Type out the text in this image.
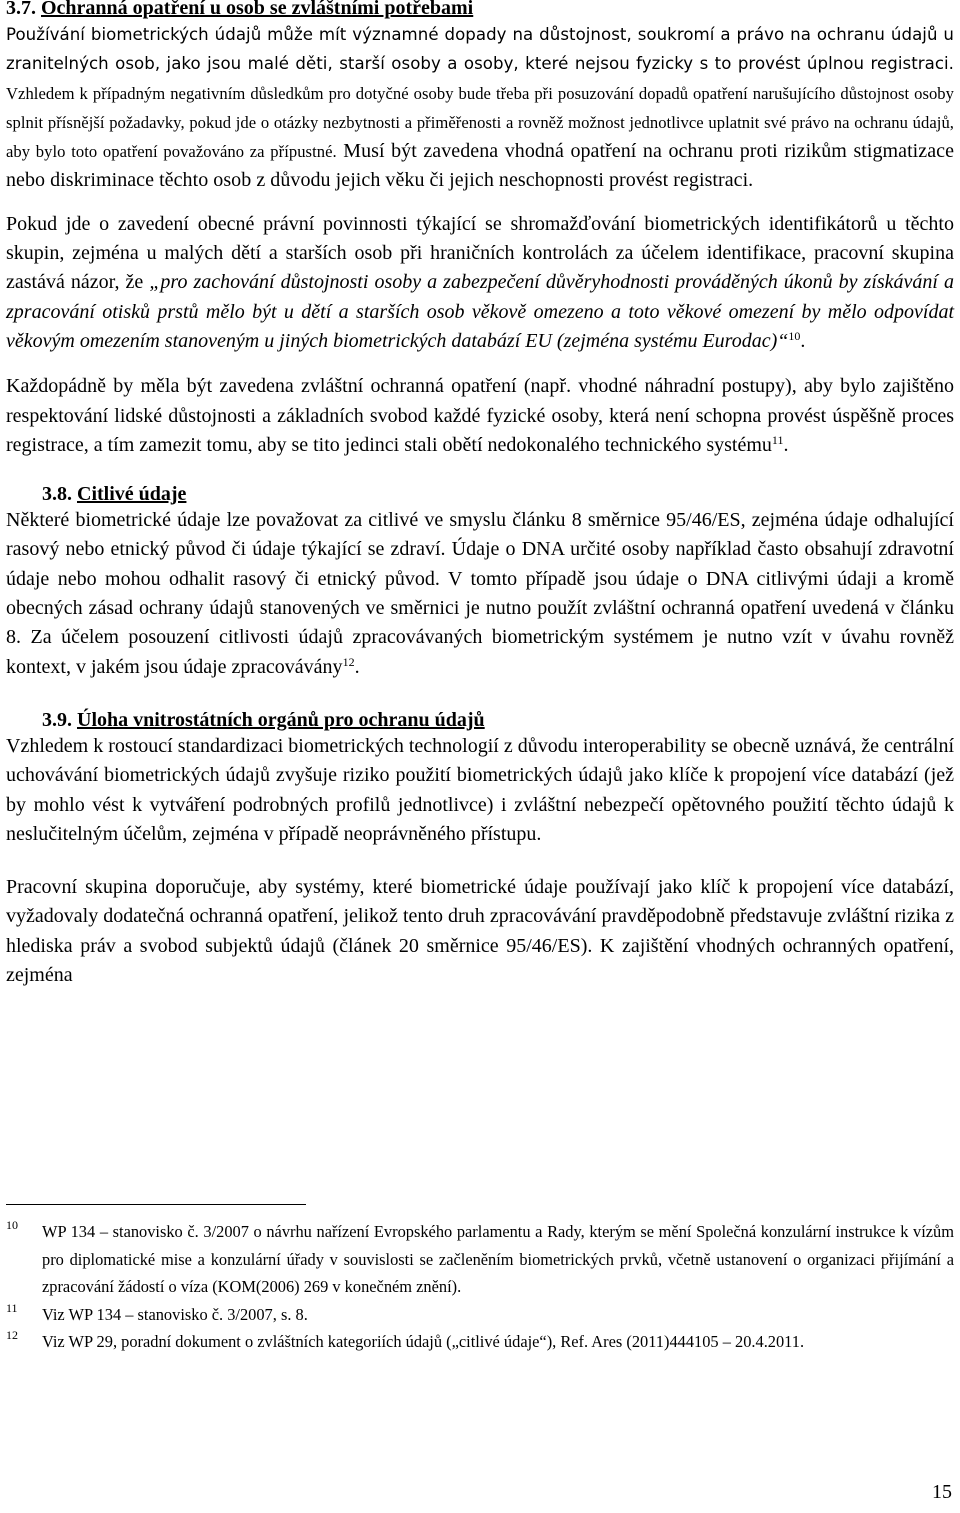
3.7. Ochranná opatření u osob se zvláštními potřebami

Používání biometrických údajů může mít významné dopady na důstojnost, soukromí a právo na ochranu údajů u zranitelných osob, jako jsou malé děti, starší osoby a osoby, které nejsou fyzicky s to provést úplnou registraci. Vzhledem k případným negativním důsledkům pro dotyčné osoby bude třeba při posuzování dopadů opatření narušujícího důstojnost osoby splnit přísnější požadavky, pokud jde o otázky nezbytnosti a přiměřenosti a rovněž možnost jednotlivce uplatnit své právo na ochranu údajů, aby bylo toto opatření považováno za přípustné. Musí být zavedena vhodná opatření na ochranu proti rizikům stigmatizace nebo diskriminace těchto osob z důvodu jejich věku či jejich neschopnosti provést registraci.

Pokud jde o zavedení obecné právní povinnosti týkající se shromažďování biometrických identifikátorů u těchto skupin, zejména u malých dětí a starších osob při hraničních kontrolách za účelem identifikace, pracovní skupina zastává názor, že „pro zachování důstojnosti osoby a zabezpečení důvěryhodnosti prováděných úkonů by získávání a zpracování otisků prstů mělo být u dětí a starších osob věkově omezeno a toto věkové omezení by mělo odpovídat věkovým omezením stanoveným u jiných biometrických databází EU (zejména systému Eurodac)“$^{10}$.

Každopádně by měla být zavedena zvláštní ochranná opatření (např. vhodné náhradní postupy), aby bylo zajištěno respektování lidské důstojnosti a základních svobod každé fyzické osoby, která není schopna provést úspěšně proces registrace, a tím zamezit tomu, aby se tito jedinci stali obětí nedokonalého technického systému$^{11}$.

3.8. Citlivé údaje

Některé biometrické údaje lze považovat za citlivé ve smyslu článku 8 směrnice 95/46/ES, zejména údaje odhalující rasový nebo etnický původ či údaje týkající se zdraví. Údaje o DNA určité osoby například často obsahují zdravotní údaje nebo mohou odhalit rasový či etnický původ. V tomto případě jsou údaje o DNA citlivými údaji a kromě obecných zásad ochrany údajů stanovených ve směrnici je nutno použít zvláštní ochranná opatření uvedená v článku 8. Za účelem posouzení citlivosti údajů zpracovávaných biometrickým systémem je nutno vzít v úvahu rovněž kontext, v jakém jsou údaje zpracovávány$^{12}$.

3.9. Úloha vnitrostátních orgánů pro ochranu údajů

Vzhledem k rostoucí standardizaci biometrických technologií z důvodu interoperability se obecně uznává, že centrální uchovávání biometrických údajů zvyšuje riziko použití biometrických údajů jako klíče k propojení více databází (jež by mohlo vést k vytváření podrobných profilů jednotlivce) i zvláštní nebezpečí opětovného použití těchto údajů k neslučitelným účelům, zejména v případě neoprávněného přístupu.

Pracovní skupina doporučuje, aby systémy, které biometrické údaje používají jako klíč k propojení více databází, vyžadovaly dodatečná ochranná opatření, jelikož tento druh zpracovávání pravděpodobně představuje zvláštní rizika z hlediska práv a svobod subjektů údajů (článek 20 směrnice 95/46/ES). K zajištění vhodných ochranných opatření, zejména

10 WP 134 – stanovisko č. 3/2007 o návrhu nařízení Evropského parlamentu a Rady, kterým se mění Společná konzulární instrukce k vízům pro diplomatické mise a konzulární úřady v souvislosti se začleněním biometrických prvků, včetně ustanovení o organizaci přijímání a zpracování žádostí o víza (KOM(2006) 269 v konečném znění).
11 Viz WP 134 – stanovisko č. 3/2007, s. 8.
12 Viz WP 29, poradní dokument o zvláštních kategoriích údajů („citlivé údaje“), Ref. Ares (2011)444105 – 20.4.2011.
15
